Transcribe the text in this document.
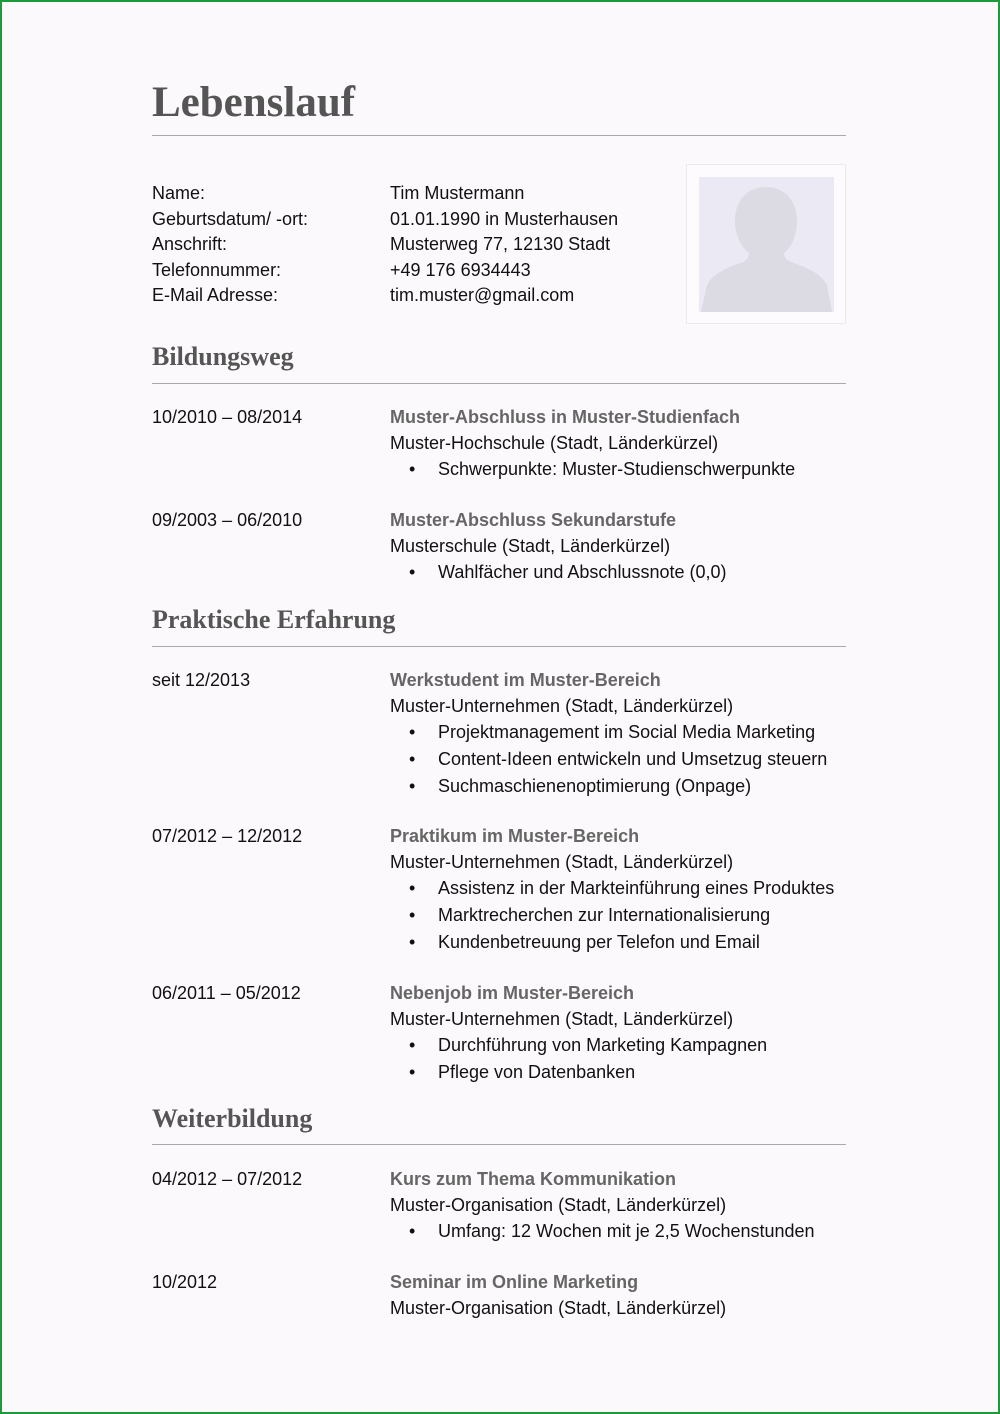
Lebenslauf
Name:	Tim Mustermann
Geburtsdatum/ -ort:	01.01.1990 in Musterhausen
Anschrift:	Musterweg 77, 12130 Stadt
Telefonnummer:	+49 176 6934443
E-Mail Adresse:	tim.muster@gmail.com
Bildungsweg
10/2010 – 08/2014	Muster-Abschluss in Muster-Studienfach
Muster-Hochschule (Stadt, Länderkürzel)
• Schwerpunkte: Muster-Studienschwerpunkte
09/2003 – 06/2010	Muster-Abschluss Sekundarstufe
Musterschule (Stadt, Länderkürzel)
• Wahlfächer und Abschlussnote (0,0)
Praktische Erfahrung
seit 12/2013	Werkstudent im Muster-Bereich
Muster-Unternehmen (Stadt, Länderkürzel)
• Projektmanagement im Social Media Marketing
• Content-Ideen entwickeln und Umsetzug steuern
• Suchmaschienenoptimierung (Onpage)
07/2012 – 12/2012	Praktikum im Muster-Bereich
Muster-Unternehmen (Stadt, Länderkürzel)
• Assistenz in der Markteinführung eines Produktes
• Marktrecherchen zur Internationalisierung
• Kundenbetreuung per Telefon und Email
06/2011 – 05/2012	Nebenjob im Muster-Bereich
Muster-Unternehmen (Stadt, Länderkürzel)
• Durchführung von Marketing Kampagnen
• Pflege von Datenbanken
Weiterbildung
04/2012 – 07/2012	Kurs zum Thema Kommunikation
Muster-Organisation (Stadt, Länderkürzel)
• Umfang: 12 Wochen mit je 2,5 Wochenstunden
10/2012	Seminar im Online Marketing
Muster-Organisation (Stadt, Länderkürzel)
